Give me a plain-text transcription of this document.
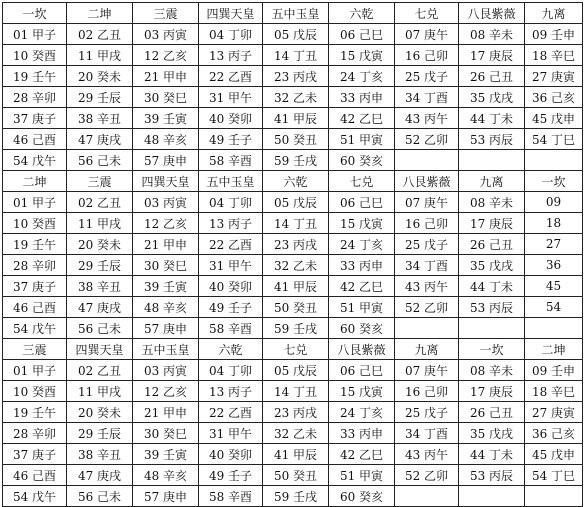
一坎	二坤	三震	四巽天皇	五中玉皇	六乾	七兑	八艮紫薇	九离
01 甲子	02 乙丑	03 丙寅	04 丁卯	05 戊辰	06 己巳	07 庚午	08 辛未	09 壬申
10 癸酉	11 甲戌	12 乙亥	13 丙子	14 丁丑	15 戊寅	16 己卯	17 庚辰	18 辛巳
19 壬午	20 癸未	21 甲申	22 乙酉	23 丙戌	24 丁亥	25 戊子	26 己丑	27 庚寅
28 辛卯	29 壬辰	30 癸巳	31 甲午	32 乙未	33 丙申	34 丁酉	35 戊戌	36 己亥
37 庚子	38 辛丑	39 壬寅	40 癸卯	41 甲辰	42 乙巳	43 丙午	44 丁未	45 戊申
46 己酉	47 庚戌	48 辛亥	49 壬子	50 癸丑	51 甲寅	52 乙卯	53 丙辰	54 丁巳
54 戊午	56 己未	57 庚申	58 辛酉	59 壬戌	60 癸亥			
二坤	三震	四巽天皇	五中玉皇	六乾	七兑	八艮紫薇	九离	一坎
01 甲子	02 乙丑	03 丙寅	04 丁卯	05 戊辰	06 己巳	07 庚午	08 辛未	09
10 癸酉	11 甲戌	12 乙亥	13 丙子	14 丁丑	15 戊寅	16 己卯	17 庚辰	18
19 壬午	20 癸未	21 甲申	22 乙酉	23 丙戌	24 丁亥	25 戊子	26 己丑	27
28 辛卯	29 壬辰	30 癸巳	31 甲午	32 乙未	33 丙申	34 丁酉	35 戊戌	36
37 庚子	38 辛丑	39 壬寅	40 癸卯	41 甲辰	42 乙巳	43 丙午	44 丁未	45
46 己酉	47 庚戌	48 辛亥	49 壬子	50 癸丑	51 甲寅	52 乙卯	53 丙辰	54
54 戊午	56 己未	57 庚申	58 辛酉	59 壬戌	60 癸亥			
三震	四巽天皇	五中玉皇	六乾	七兑	八艮紫薇	九离	一坎	二坤
01 甲子	02 乙丑	03 丙寅	04 丁卯	05 戊辰	06 己巳	07 庚午	08 辛未	09 壬申
10 癸酉	11 甲戌	12 乙亥	13 丙子	14 丁丑	15 戊寅	16 己卯	17 庚辰	18 辛巳
19 壬午	20 癸未	21 甲申	22 乙酉	23 丙戌	24 丁亥	25 戊子	26 己丑	27 庚寅
28 辛卯	29 壬辰	30 癸巳	31 甲午	32 乙未	33 丙申	34 丁酉	35 戊戌	36 己亥
37 庚子	38 辛丑	39 壬寅	40 癸卯	41 甲辰	42 乙巳	43 丙午	44 丁未	45 戊申
46 己酉	47 庚戌	48 辛亥	49 壬子	50 癸丑	51 甲寅	52 乙卯	53 丙辰	54 丁巳
54 戊午	56 己未	57 庚申	58 辛酉	59 壬戌	60 癸亥			
